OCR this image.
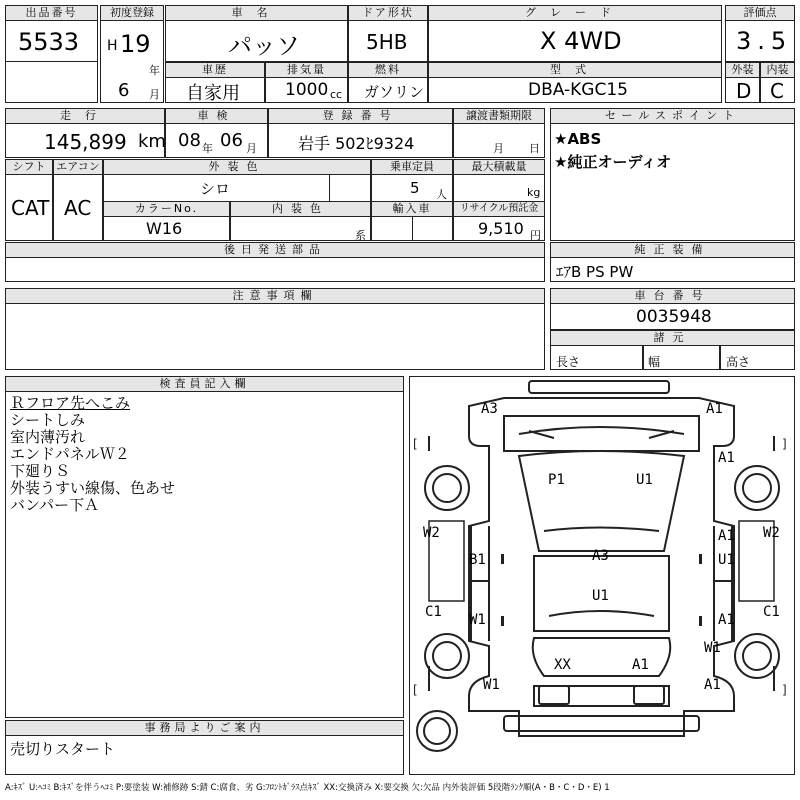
出品番号
5533
初度登録
H 19
年
6 月
車名
パッソ
ドア形状
5HB
グレード
X 4WD
評価点
3.5
外装	内装
D C
車歴
自家用
排気量
1000 cc
燃料
ガソリン
型式
DBA-KGC15
走行
145,899 km
車検
08 年 06 月
登録番号
岩手 502ﾋ9324
譲渡書類期限
月 日
セールスポイント
★ABS
★純正オーディオ
シフト
CAT
エアコン
AC
外装色
シロ
乗車定員
5 人
最大積載量
kg
カラーNo.
W16
内装色
系
輸入車	リサイクル預託金
9,510 円
後日発送部品	純正装備
ｴｱB PS PW
注意事項欄	車台番号
0035948
諸元
長さ	幅	高さ
検査員記入欄
Ｒフロア先へこみ
シートしみ
室内薄汚れ
エンドパネルＷ２
下廻りＳ
外装うすい線傷、色あせ
バンパー下Ａ
事務局よりご案内
売切りスタート
[	]
[	]
A3	A1
A1
P1	U1
W2	W2
A1
U1
B1	A3
U1
C1	C1
W1	A1
W1
XX	A1
W1	A1
A:ｷｽﾞ U:ﾍｺﾐ B:ｷｽﾞを伴うﾍｺﾐ P:要塗装 W:補修跡 S:錆 C:腐食、劣 G:ﾌﾛﾝﾄｶﾞﾗｽ点ｷｽﾞ XX:交換済み X:要交換 欠:欠品 内外装評価 5段階ﾗﾝｸ順(A・B・C・D・E) 1
